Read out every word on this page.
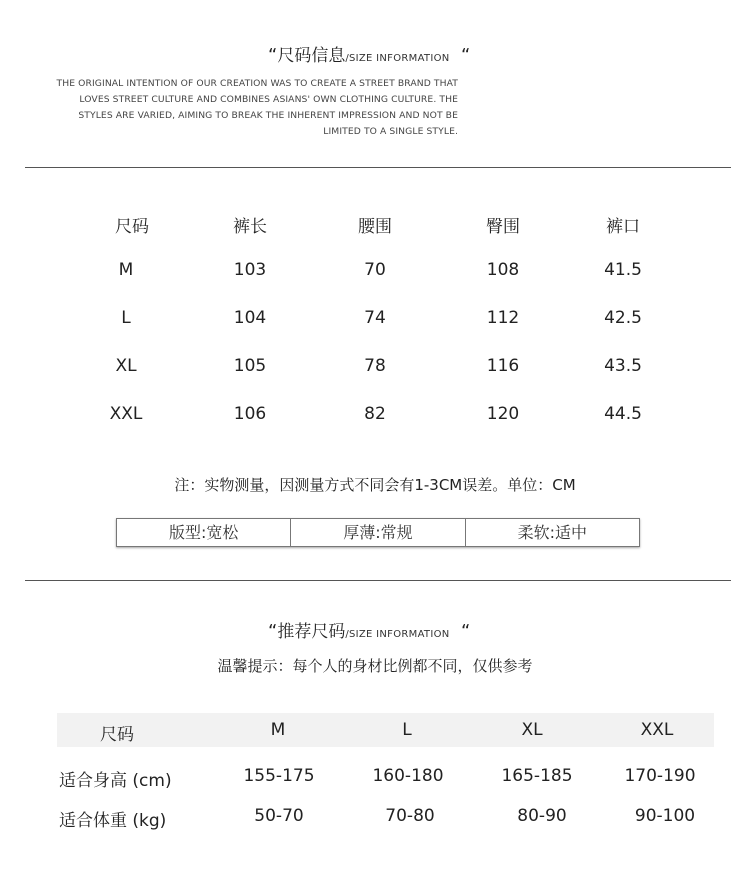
“尺码信息/SIZE INFORMATION “
THE ORIGINAL INTENTION OF OUR CREATION WAS TO CREATE A STREET BRAND THAT
LOVES STREET CULTURE AND COMBINES ASIANS' OWN CLOTHING CULTURE. THE
STYLES ARE VARIED, AIMING TO BREAK THE INHERENT IMPRESSION AND NOT BE
LIMITED TO A SINGLE STYLE.
尺码	裤长	腰围	臀围	裤口
M	103	70	108	41.5
L	104	74	112	42.5
XL	105	78	116	43.5
XXL	106	82	120	44.5
注：实物测量，因测量方式不同会有1-3CM误差。单位：CM
版型:宽松	厚薄:常规	柔软:适中
“推荐尺码/SIZE INFORMATION “
温馨提示：每个人的身材比例都不同，仅供参考
尺码	M	L	XL	XXL
适合身高 (cm)	155-175	160-180	165-185	170-190
适合体重 (kg)	50-70	70-80	80-90	90-100
